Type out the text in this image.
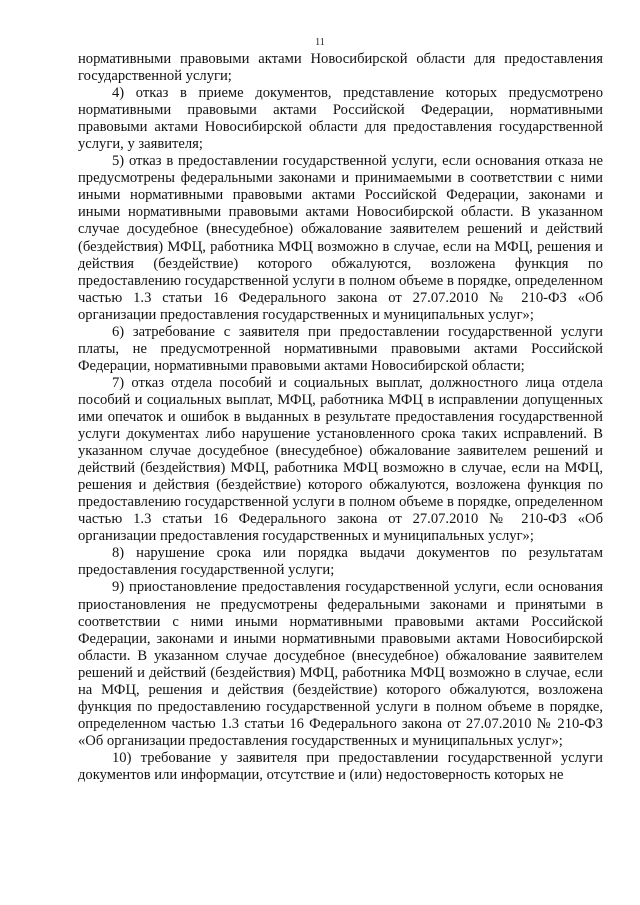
11

нормативными правовыми актами Новосибирской области для предоставления государственной услуги;

4) отказ в приеме документов, представление которых предусмотрено нормативными правовыми актами Российской Федерации, нормативными правовыми актами Новосибирской области для предоставления государственной услуги, у заявителя;

5) отказ в предоставлении государственной услуги, если основания отказа не предусмотрены федеральными законами и принимаемыми в соответствии с ними иными нормативными правовыми актами Российской Федерации, законами и иными нормативными правовыми актами Новосибирской области. В указанном случае досудебное (внесудебное) обжалование заявителем решений и действий (бездействия) МФЦ, работника МФЦ возможно в случае, если на МФЦ, решения и действия (бездействие) которого обжалуются, возложена функция по предоставлению государственной услуги в полном объеме в порядке, определенном частью 1.3 статьи 16 Федерального закона от 27.07.2010 № 210-ФЗ «Об организации предоставления государственных и муниципальных услуг»;

6) затребование с заявителя при предоставлении государственной услуги платы, не предусмотренной нормативными правовыми актами Российской Федерации, нормативными правовыми актами Новосибирской области;

7) отказ отдела пособий и социальных выплат, должностного лица отдела пособий и социальных выплат, МФЦ, работника МФЦ в исправлении допущенных ими опечаток и ошибок в выданных в результате предоставления государственной услуги документах либо нарушение установленного срока таких исправлений. В указанном случае досудебное (внесудебное) обжалование заявителем решений и действий (бездействия) МФЦ, работника МФЦ возможно в случае, если на МФЦ, решения и действия (бездействие) которого обжалуются, возложена функция по предоставлению государственной услуги в полном объеме в порядке, определенном частью 1.3 статьи 16 Федерального закона от 27.07.2010 № 210-ФЗ «Об организации предоставления государственных и муниципальных услуг»;

8) нарушение срока или порядка выдачи документов по результатам предоставления государственной услуги;

9) приостановление предоставления государственной услуги, если основания приостановления не предусмотрены федеральными законами и принятыми в соответствии с ними иными нормативными правовыми актами Российской Федерации, законами и иными нормативными правовыми актами Новосибирской области. В указанном случае досудебное (внесудебное) обжалование заявителем решений и действий (бездействия) МФЦ, работника МФЦ возможно в случае, если на МФЦ, решения и действия (бездействие) которого обжалуются, возложена функция по предоставлению государственной услуги в полном объеме в порядке, определенном частью 1.3 статьи 16 Федерального закона от 27.07.2010 № 210-ФЗ «Об организации предоставления государственных и муниципальных услуг»;

10) требование у заявителя при предоставлении государственной услуги документов или информации, отсутствие и (или) недостоверность которых не
